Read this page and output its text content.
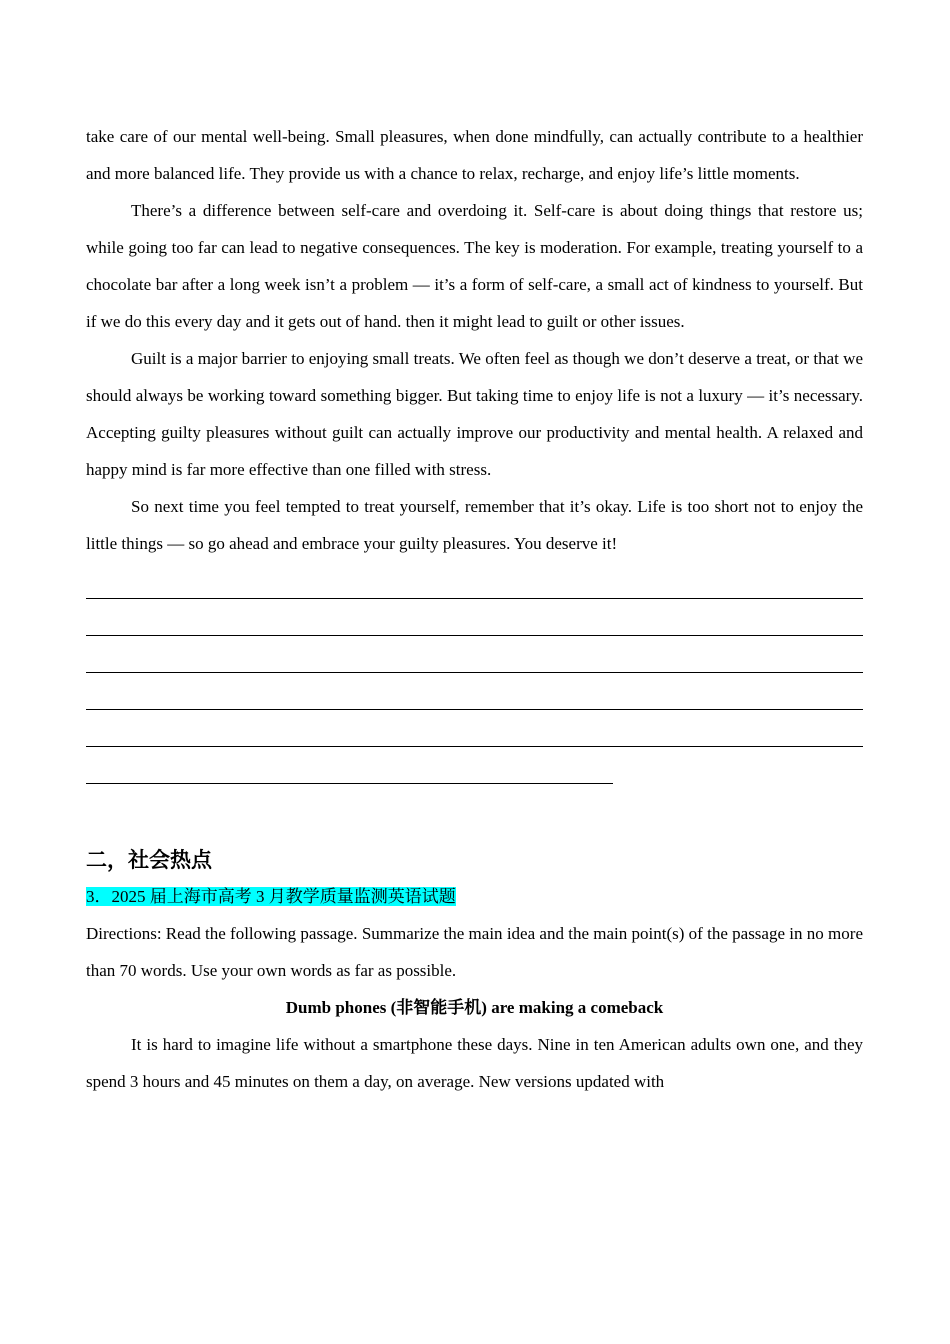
take care of our mental well-being. Small pleasures, when done mindfully, can actually contribute to a healthier and more balanced life. They provide us with a chance to relax, recharge, and enjoy life’s little moments.

There’s a difference between self-care and overdoing it. Self-care is about doing things that restore us; while going too far can lead to negative consequences. The key is moderation. For example, treating yourself to a chocolate bar after a long week isn’t a problem — it’s a form of self-care, a small act of kindness to yourself. But if we do this every day and it gets out of hand. then it might lead to guilt or other issues.

Guilt is a major barrier to enjoying small treats. We often feel as though we don’t deserve a treat, or that we should always be working toward something bigger. But taking time to enjoy life is not a luxury — it’s necessary. Accepting guilty pleasures without guilt can actually improve our productivity and mental health. A relaxed and happy mind is far more effective than one filled with stress.

So next time you feel tempted to treat yourself, remember that it’s okay. Life is too short not to enjoy the little things — so go ahead and embrace your guilty pleasures. You deserve it!

二，社会热点

3．2025 届上海市高考 3 月教学质量监测英语试题

Directions: Read the following passage. Summarize the main idea and the main point(s) of the passage in no more than 70 words. Use your own words as far as possible.

Dumb phones (非智能手机) are making a comeback

It is hard to imagine life without a smartphone these days. Nine in ten American adults own one, and they spend 3 hours and 45 minutes on them a day, on average. New versions updated with
